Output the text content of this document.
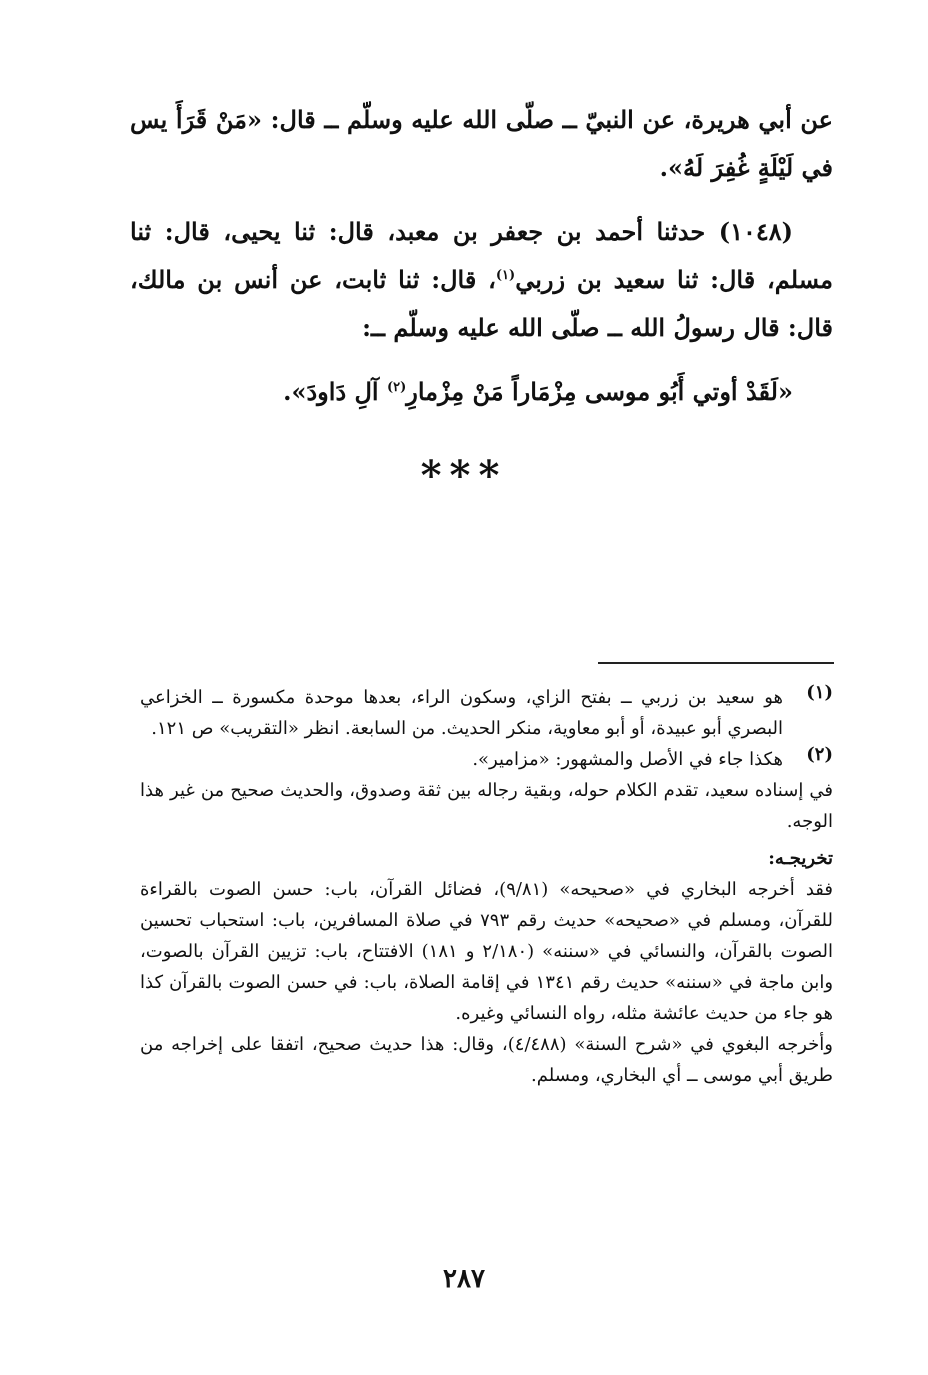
عن أبي هريرة، عن النبيّ ــ صلّى الله عليه وسلّم ــ قال: «مَنْ قَرَأَ يس في لَيْلَةٍ غُفِرَ لَهُ».

(١٠٤٨) حدثنا أحمد بن جعفر بن معبد، قال: ثنا يحيى، قال: ثنا مسلم، قال: ثنا سعيد بن زربي$^{(١)}$، قال: ثنا ثابت، عن أنس بن مالك، قال: قال رسولُ الله ــ صلّى الله عليه وسلّم ــ:

«لَقَدْ أوتي أَبُو موسى مِزْمَاراً مَنْ مِزْمارِ$^{(٢)}$ آلِ دَاودَ».

***
(١)

هو سعيد بن زربي ــ بفتح الزاي، وسكون الراء، بعدها موحدة مكسورة ــ الخزاعي البصري أبو عبيدة، أو أبو معاوية، منكر الحديث. من السابعة. انظر «التقريب» ص ١٢١.

(٢)

هكذا جاء في الأصل والمشهور: «مزامير».

في إسناده سعيد، تقدم الكلام حوله، وبقية رجاله بين ثقة وصدوق، والحديث صحيح من غير هذا الوجه.

تخريجـه:

فقد أخرجه البخاري في «صحيحه» (٩/٨١)، فضائل القرآن، باب: حسن الصوت بالقراءة للقرآن، ومسلم في «صحيحه» حديث رقم ٧٩٣ في صلاة المسافرين، باب: استحباب تحسين الصوت بالقرآن، والنسائي في «سننه» (٢/١٨٠ و ١٨١) الافتتاح، باب: تزيين القرآن بالصوت، وابن ماجة في «سننه» حديث رقم ١٣٤١ في إقامة الصلاة، باب: في حسن الصوت بالقرآن كذا هو جاء من حديث عائشة مثله، رواه النسائي وغيره.

وأخرجه البغوي في «شرح السنة» (٤/٤٨٨)، وقال: هذا حديث صحيح، اتفقا على إخراجه من طريق أبي موسى ــ أي البخاري، ومسلم.

٢٨٧
